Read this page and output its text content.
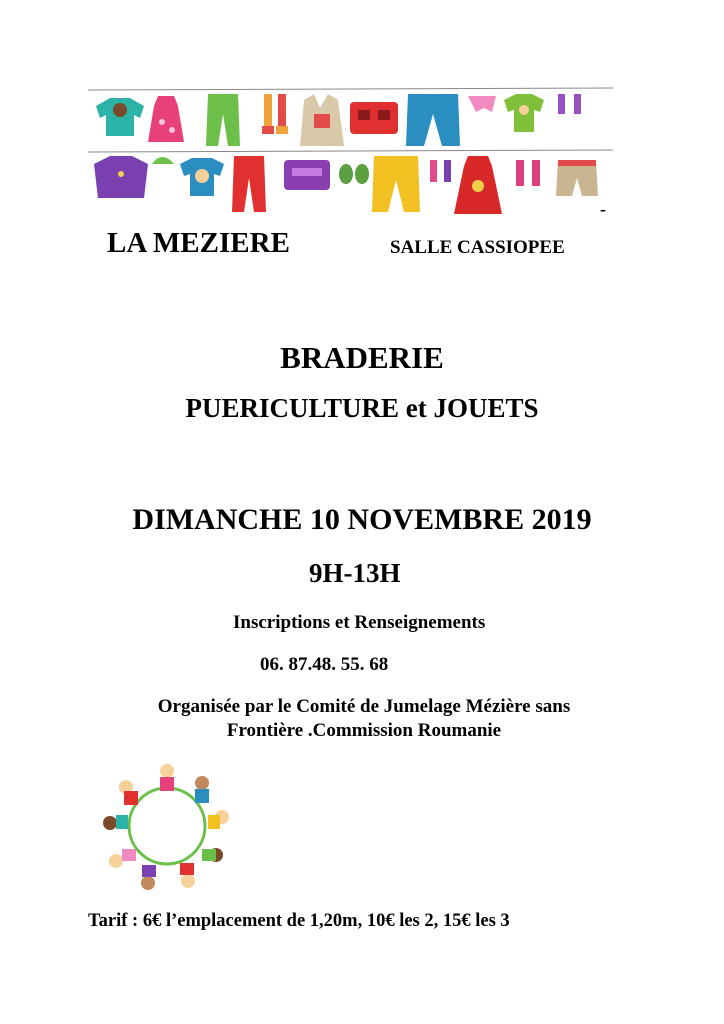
-
LA MEZIERE	SALLE CASSIOPEE
BRADERIE
PUERICULTURE et JOUETS
DIMANCHE 10 NOVEMBRE 2019
9H-13H
Inscriptions et Renseignements
06. 87.48. 55. 68
Organisée par le Comité de Jumelage Mézière sans
Frontière .Commission Roumanie
Tarif : 6€ l’emplacement de 1,20m, 10€ les 2, 15€ les 3
